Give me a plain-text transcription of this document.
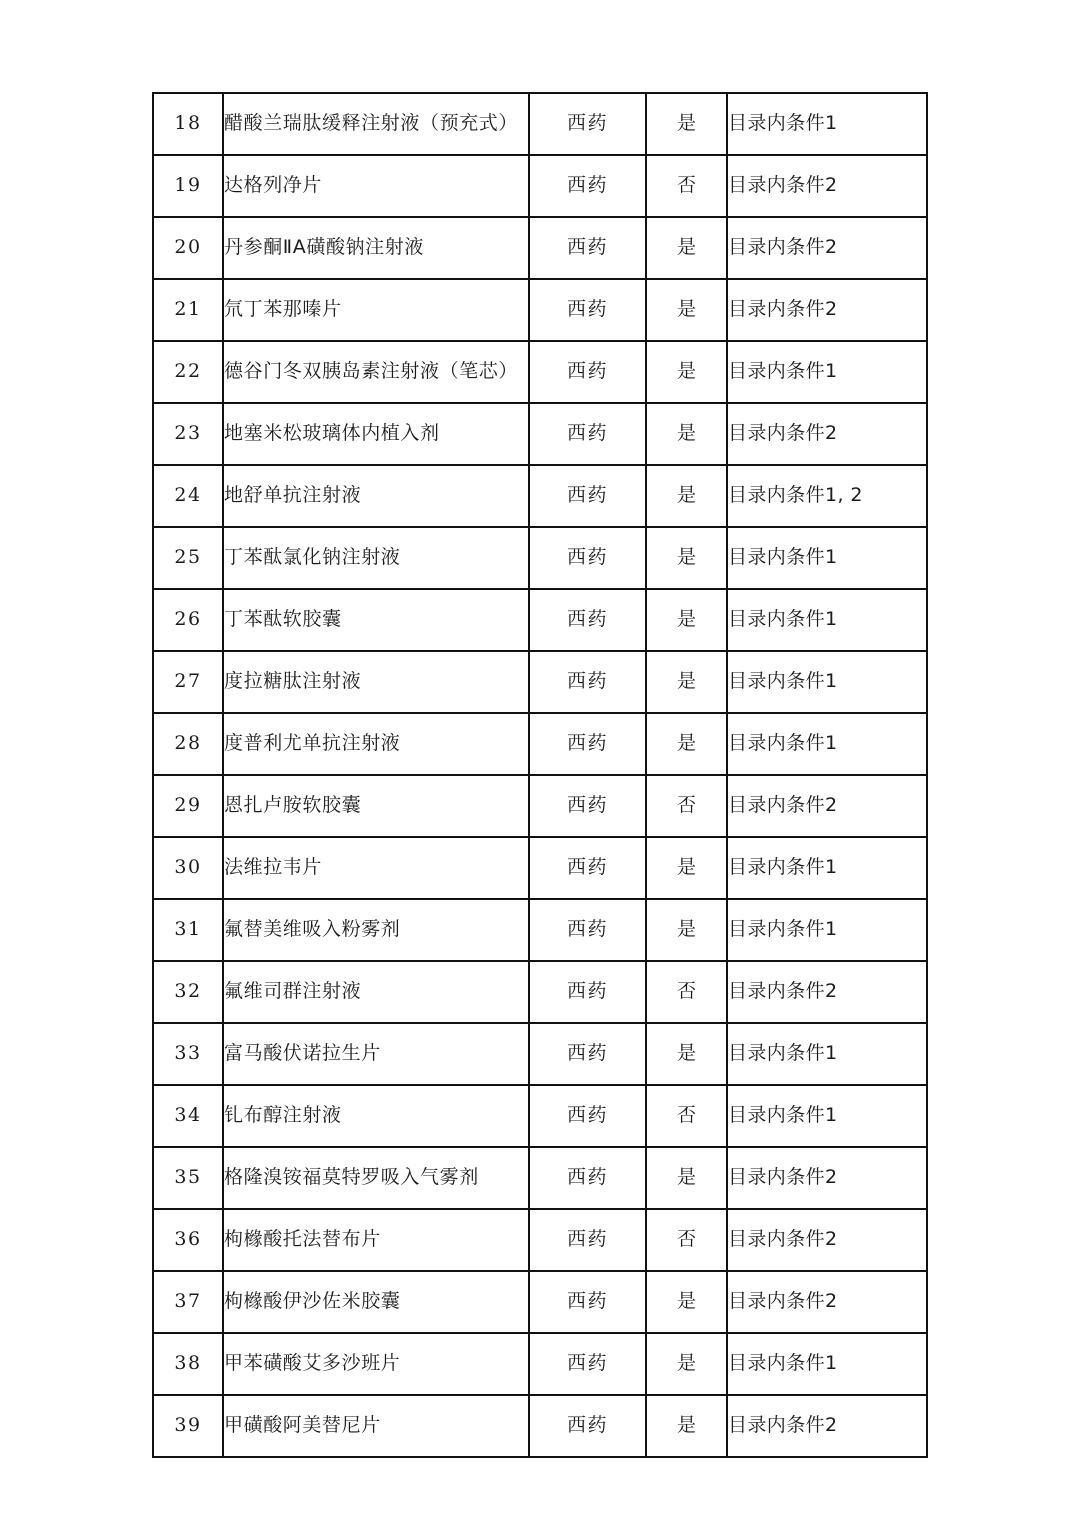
18	醋酸兰瑞肽缓释注射液（预充式）	西药	是	目录内条件1
19	达格列净片	西药	否	目录内条件2
20	丹参酮ⅡA磺酸钠注射液	西药	是	目录内条件2
21	氘丁苯那嗪片	西药	是	目录内条件2
22	德谷门冬双胰岛素注射液（笔芯）	西药	是	目录内条件1
23	地塞米松玻璃体内植入剂	西药	是	目录内条件2
24	地舒单抗注射液	西药	是	目录内条件1, 2
25	丁苯酞氯化钠注射液	西药	是	目录内条件1
26	丁苯酞软胶囊	西药	是	目录内条件1
27	度拉糖肽注射液	西药	是	目录内条件1
28	度普利尤单抗注射液	西药	是	目录内条件1
29	恩扎卢胺软胶囊	西药	否	目录内条件2
30	法维拉韦片	西药	是	目录内条件1
31	氟替美维吸入粉雾剂	西药	是	目录内条件1
32	氟维司群注射液	西药	否	目录内条件2
33	富马酸伏诺拉生片	西药	是	目录内条件1
34	钆布醇注射液	西药	否	目录内条件1
35	格隆溴铵福莫特罗吸入气雾剂	西药	是	目录内条件2
36	枸橼酸托法替布片	西药	否	目录内条件2
37	枸橼酸伊沙佐米胶囊	西药	是	目录内条件2
38	甲苯磺酸艾多沙班片	西药	是	目录内条件1
39	甲磺酸阿美替尼片	西药	是	目录内条件2
